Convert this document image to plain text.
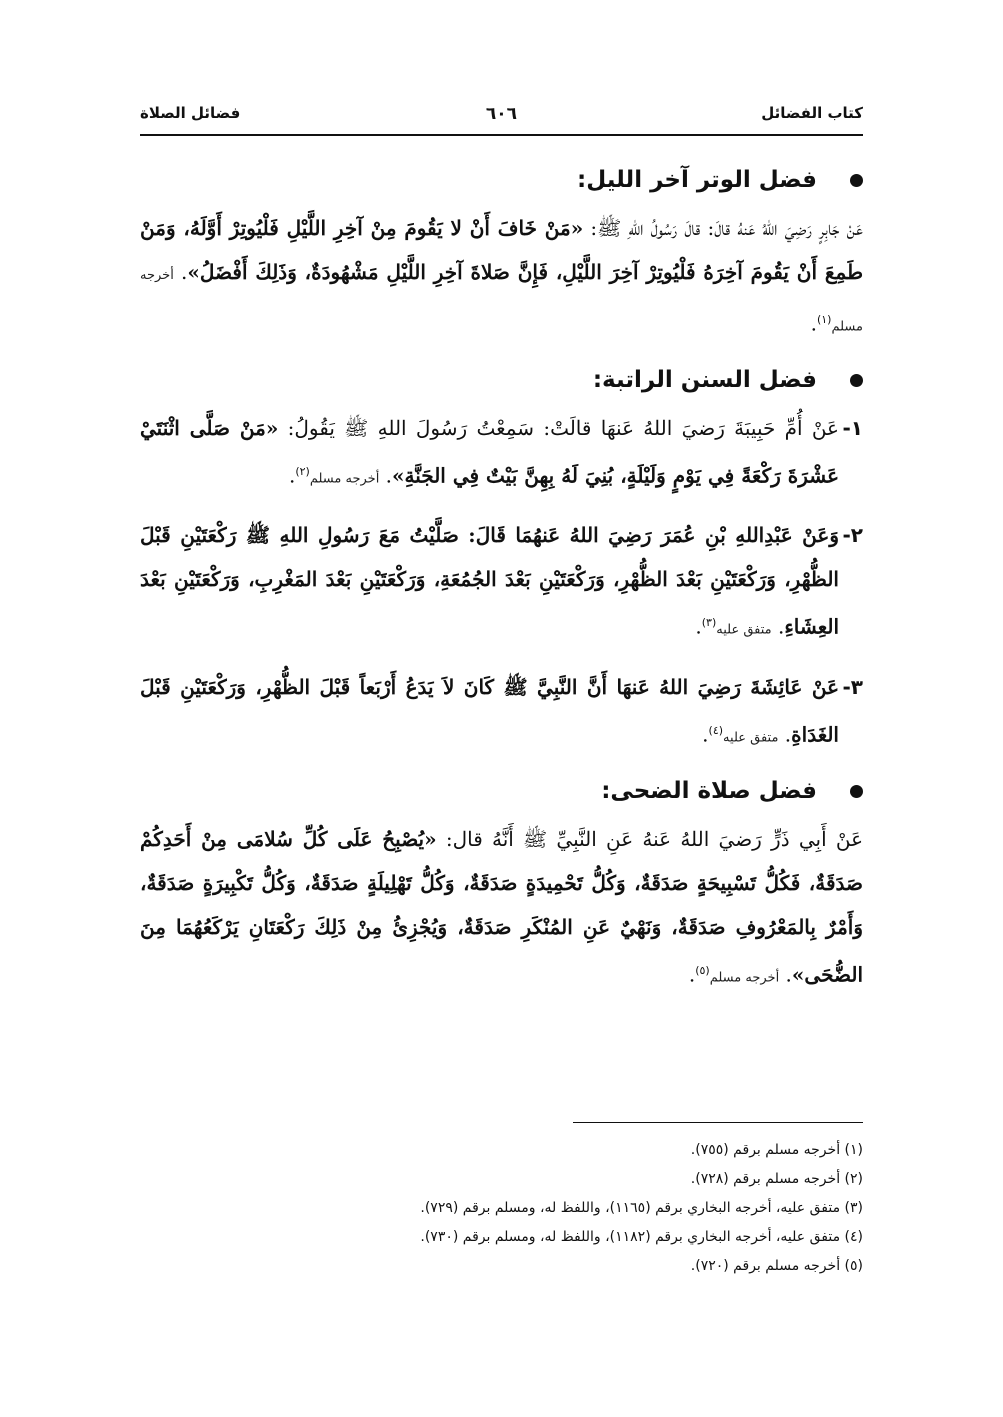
كتاب الفضائل
٦٠٦
فضائل الصلاة
فضل الوتر آخر الليل:

عَنْ جَابِرٍ رَضِيَ اللهُ عَنهُ قالَ: قالَ رَسُولُ اللهِ ﷺ: «مَنْ خَافَ أَنْ لا يَقُومَ مِنْ آخِرِ اللَّيْلِ فَلْيُوتِرْ أَوَّلَهُ، وَمَنْ طَمِعَ أَنْ يَقُومَ آخِرَهُ فَلْيُوتِرْ آخِرَ اللَّيْلِ، فَإِنَّ صَلاةَ آخِرِ اللَّيْلِ مَشْهُودَةٌ، وَذَلِكَ أَفْضَلُ». أخرجه مسلم$^{(١)}$.

فضل السنن الراتبة:

١-
عَنْ أُمِّ حَبِيبَةَ رَضيَ اللهُ عَنهَا قالَتْ: سَمِعْتُ رَسُولَ اللهِ ﷺ يَقُولُ: «مَنْ صَلَّى اثْنَتَيْ عَشْرَةَ رَكْعَةً فِي يَوْمٍ وَلَيْلَةٍ، بُنِيَ لَهُ بِهِنَّ بَيْتٌ فِي الجَنَّةِ». أخرجه مسلم$^{(٢)}$.

٢-
وَعَنْ عَبْدِاللهِ بْنِ عُمَرَ رَضِيَ اللهُ عَنهُمَا قَالَ: صَلَّيْتُ مَعَ رَسُولِ اللهِ ﷺ رَكْعَتَيْنِ قَبْلَ الظُّهْرِ، وَرَكْعَتَيْنِ بَعْدَ الظُّهْرِ، وَرَكْعَتَيْنِ بَعْدَ الجُمُعَةِ، وَرَكْعَتَيْنِ بَعْدَ المَغْرِبِ، وَرَكْعَتَيْنِ بَعْدَ العِشَاءِ. متفق عليه$^{(٣)}$.

٣-
عَنْ عَائِشَةَ رَضِيَ اللهُ عَنهَا أَنَّ النَّبِيَّ ﷺ كَانَ لاَ يَدَعُ أَرْبَعاً قَبْلَ الظُّهْرِ، وَرَكْعَتَيْنِ قَبْلَ الغَدَاةِ. متفق عليه$^{(٤)}$.

فضل صلاة الضحى:

عَنْ أَبِي ذَرٍّ رَضيَ اللهُ عَنهُ عَنِ النَّبِيِّ ﷺ أَنَّهُ قال: «يُصْبِحُ عَلَى كُلِّ سُلامَى مِنْ أَحَدِكُمْ صَدَقَةٌ، فَكُلُّ تَسْبِيحَةٍ صَدَقَةٌ، وَكُلُّ تَحْمِيدَةٍ صَدَقَةٌ، وَكُلُّ تَهْلِيلَةٍ صَدَقَةٌ، وَكُلُّ تَكْبِيرَةٍ صَدَقَةٌ، وَأَمْرٌ بِالمَعْرُوفِ صَدَقَةٌ، وَنَهْيٌ عَنِ المُنْكَرِ صَدَقَةٌ، وَيُجْزِئُ مِنْ ذَلِكَ رَكْعَتَانِ يَرْكَعُهُمَا مِنَ الضُّحَى». أخرجه مسلم$^{(٥)}$.

(١) أخرجه مسلم برقم (٧٥٥).
(٢) أخرجه مسلم برقم (٧٢٨).
(٣) متفق عليه، أخرجه البخاري برقم (١١٦٥)، واللفظ له، ومسلم برقم (٧٢٩).
(٤) متفق عليه، أخرجه البخاري برقم (١١٨٢)، واللفظ له، ومسلم برقم (٧٣٠).
(٥) أخرجه مسلم برقم (٧٢٠).
